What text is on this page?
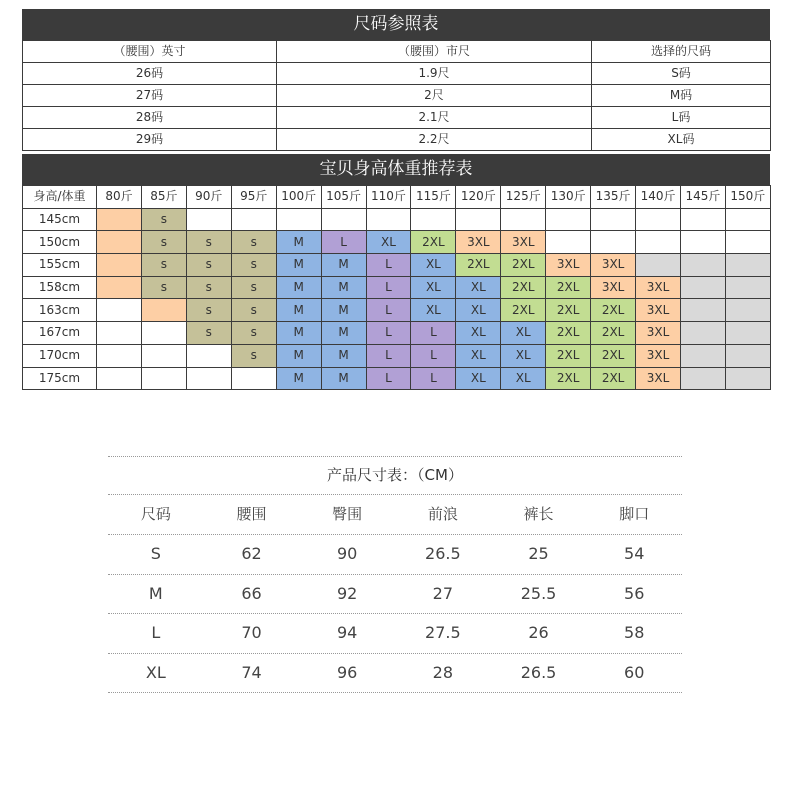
尺码参照表
（腰围）英寸	（腰围）市尺	选择的尺码
26码	1.9尺	S码
27码	2尺	M码
28码	2.1尺	L码
29码	2.2尺	XL码
宝贝身高体重推荐表
身高/体重	80斤	85斤	90斤	95斤	100斤	105斤	110斤	115斤	120斤	125斤	130斤	135斤	140斤	145斤	150斤
145cm		s													
150cm		s	s	s	M	L	XL	2XL	3XL	3XL					
155cm		s	s	s	M	M	L	XL	2XL	2XL	3XL	3XL			
158cm		s	s	s	M	M	L	XL	XL	2XL	2XL	3XL	3XL		
163cm			s	s	M	M	L	XL	XL	2XL	2XL	2XL	3XL		
167cm			s	s	M	M	L	L	XL	XL	2XL	2XL	3XL		
170cm				s	M	M	L	L	XL	XL	2XL	2XL	3XL		
175cm					M	M	L	L	XL	XL	2XL	2XL	3XL		
产品尺寸表：（CM）
尺码	腰围	臀围	前浪	裤长	脚口
S	62	90	26.5	25	54
M	66	92	27	25.5	56
L	70	94	27.5	26	58
XL	74	96	28	26.5	60
